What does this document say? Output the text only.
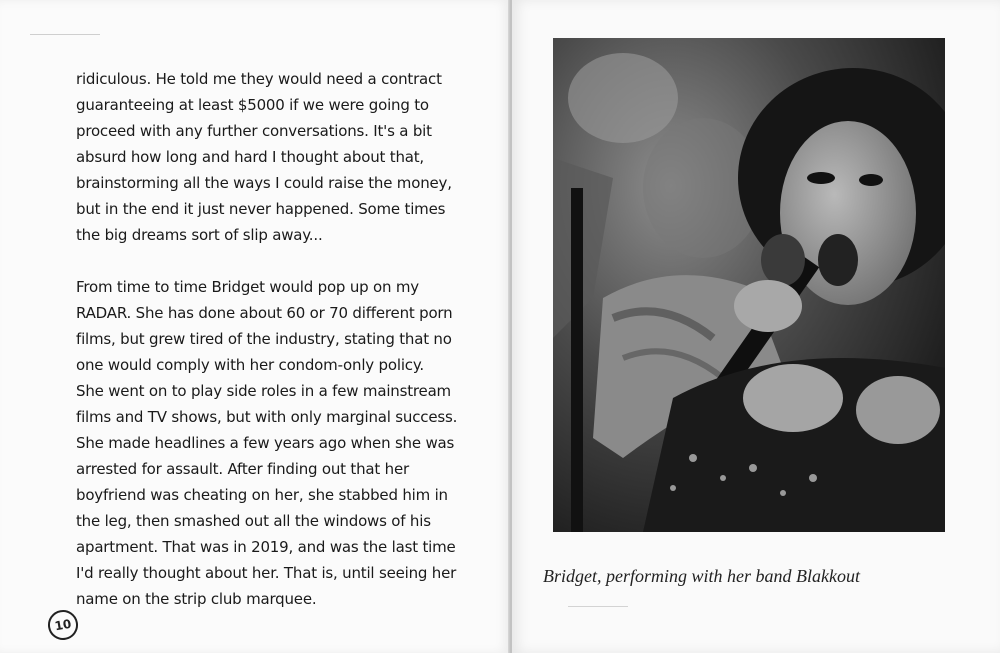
ridiculous. He told me they would need a contract
guaranteeing at least $5000 if we were going to
proceed with any further conversations. It's a bit
absurd how long and hard I thought about that,
brainstorming all the ways I could raise the money,
but in the end it just never happened. Some times
the big dreams sort of slip away...

From time to time Bridget would pop up on my
RADAR. She has done about 60 or 70 different porn
films, but grew tired of the industry, stating that no
one would comply with her condom-only policy.
She went on to play side roles in a few mainstream
films and TV shows, but with only marginal success.
She made headlines a few years ago when she was
arrested for assault. After finding out that her
boyfriend was cheating on her, she stabbed him in
the leg, then smashed out all the windows of his
apartment. That was in 2019, and was the last time
I'd really thought about her. That is, until seeing her
name on the strip club marquee.

10
Bridget, performing with her band Blakkout
